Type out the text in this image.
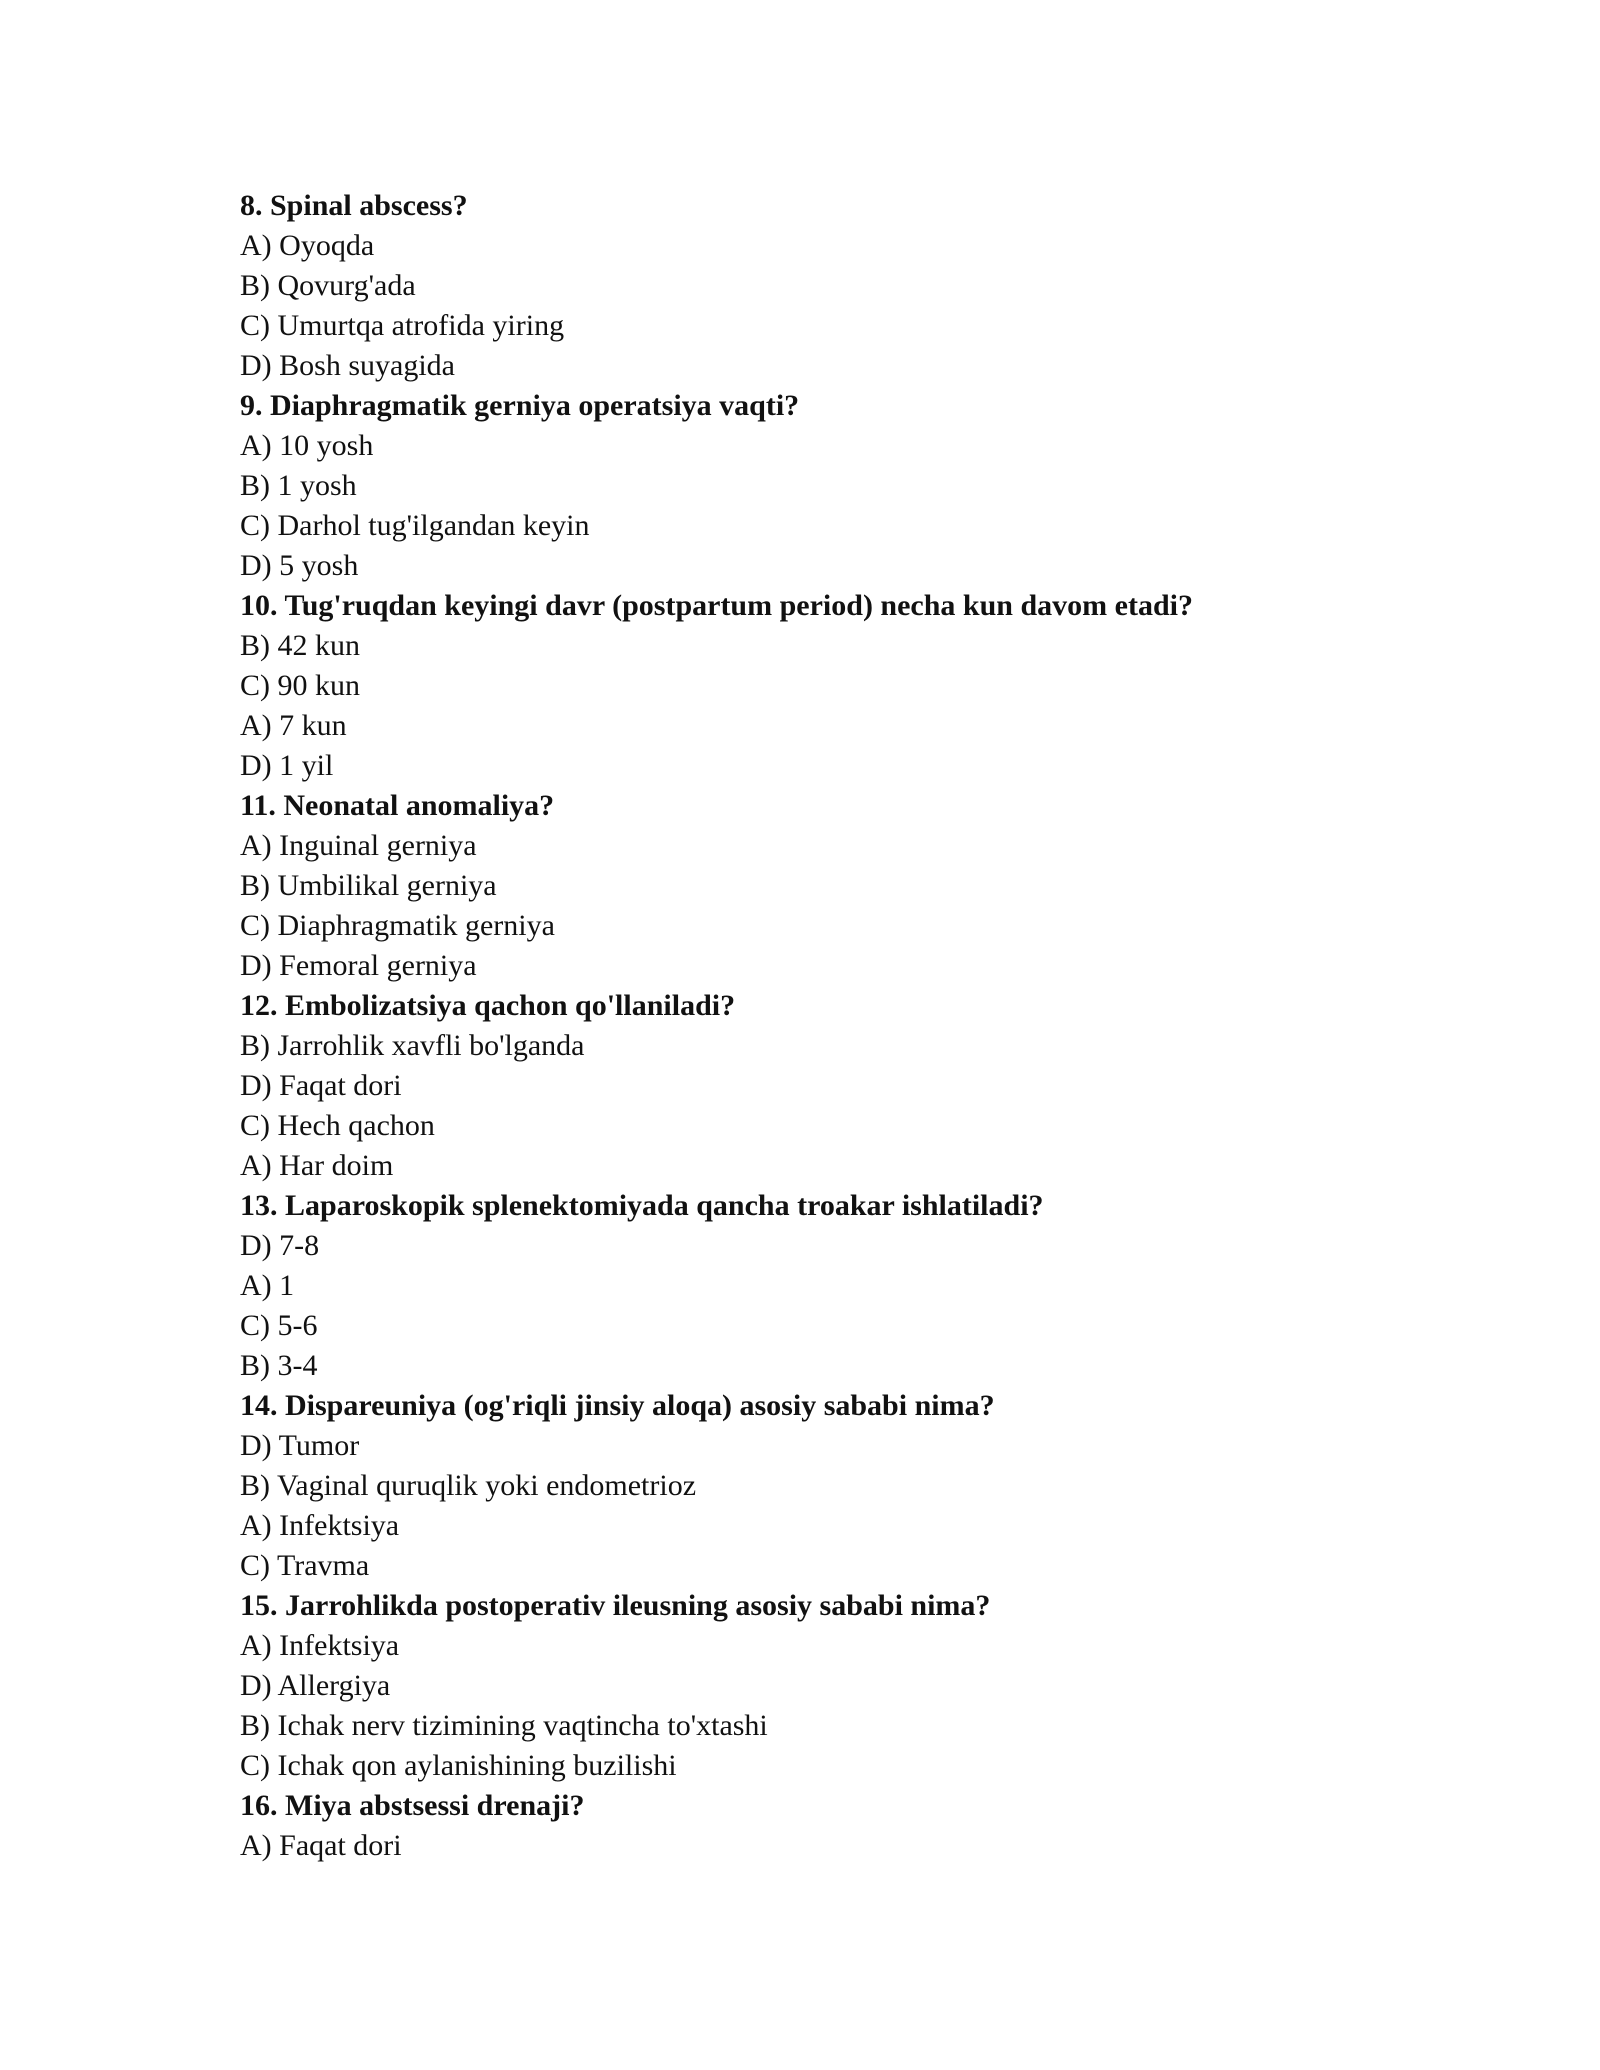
8. Spinal abscess?
A) Oyoqda
B) Qovurg'ada
C) Umurtqa atrofida yiring
D) Bosh suyagida
9. Diaphragmatik gerniya operatsiya vaqti?
A) 10 yosh
B) 1 yosh
C) Darhol tug'ilgandan keyin
D) 5 yosh
10. Tug'ruqdan keyingi davr (postpartum period) necha kun davom etadi?
B) 42 kun
C) 90 kun
A) 7 kun
D) 1 yil
11. Neonatal anomaliya?
A) Inguinal gerniya
B) Umbilikal gerniya
C) Diaphragmatik gerniya
D) Femoral gerniya
12. Embolizatsiya qachon qo'llaniladi?
B) Jarrohlik xavfli bo'lganda
D) Faqat dori
C) Hech qachon
A) Har doim
13. Laparoskopik splenektomiyada qancha troakar ishlatiladi?
D) 7-8
A) 1
C) 5-6
B) 3-4
14. Dispareuniya (og'riqli jinsiy aloqa) asosiy sababi nima?
D) Tumor
B) Vaginal quruqlik yoki endometrioz
A) Infektsiya
C) Travma
15. Jarrohlikda postoperativ ileusning asosiy sababi nima?
A) Infektsiya
D) Allergiya
B) Ichak nerv tizimining vaqtincha to'xtashi
C) Ichak qon aylanishining buzilishi
16. Miya abstsessi drenaji?
A) Faqat dori
